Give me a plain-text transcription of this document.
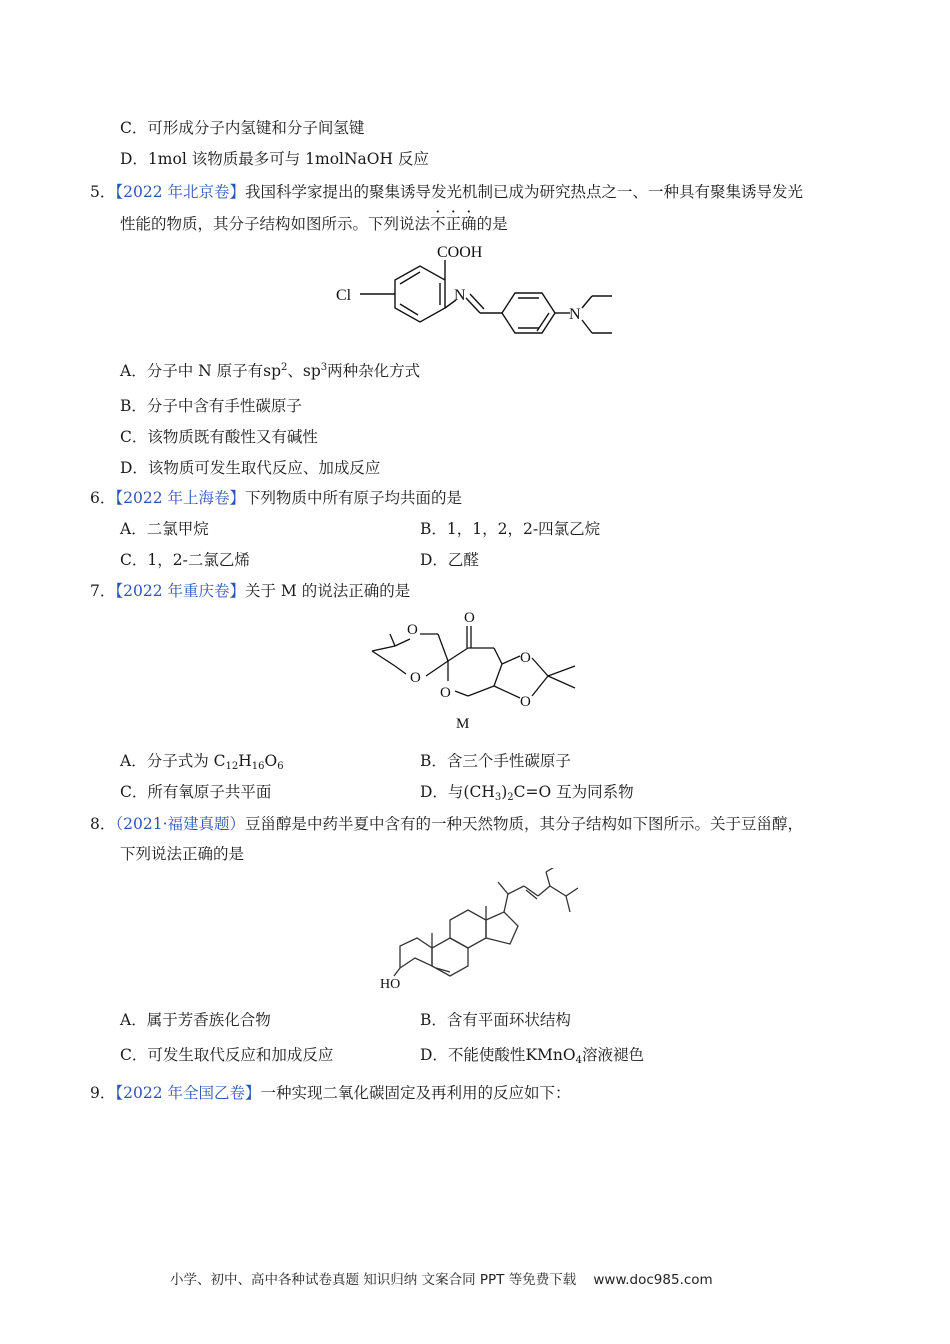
C．可形成分子内氢键和分子间氢键
D．1mol 该物质最多可与 1molNaOH 反应
5．【2022 年北京卷】我国科学家提出的聚集诱导发光机制已成为研究热点之一、一种具有聚集诱导发光
性能的物质，其分子结构如图所示。下列说法不正确的是
COOH
Cl	N
N
A．分子中 N 原子有$sp^2$、$sp^3$两种杂化方式
B．分子中含有手性碳原子
C．该物质既有酸性又有碱性
D．该物质可发生取代反应、加成反应
6．【2022 年上海卷】下列物质中所有原子均共面的是
A．二氯甲烷	B．1，1，2，2-四氯乙烷
C．1，2-二氯乙烯	D．乙醛
7．【2022 年重庆卷】关于 M 的说法正确的是
O
O
O
O
O
O
M
A．分子式为 $C_{12}H_{16}O_6$	B．含三个手性碳原子
C．所有氧原子共平面	D．与$(CH_3)_2C=O$ 互为同系物
8．（2021·福建真题）豆甾醇是中药半夏中含有的一种天然物质，其分子结构如下图所示。关于豆甾醇，
下列说法正确的是
HO
A．属于芳香族化合物	B．含有平面环状结构
C．可发生取代反应和加成反应	D．不能使酸性KMnO$_4$溶液褪色
9．【2022 年全国乙卷】一种实现二氧化碳固定及再利用的反应如下：
小学、初中、高中各种试卷真题 知识归纳 文案合同 PPT 等免费下载 www.doc985.com
